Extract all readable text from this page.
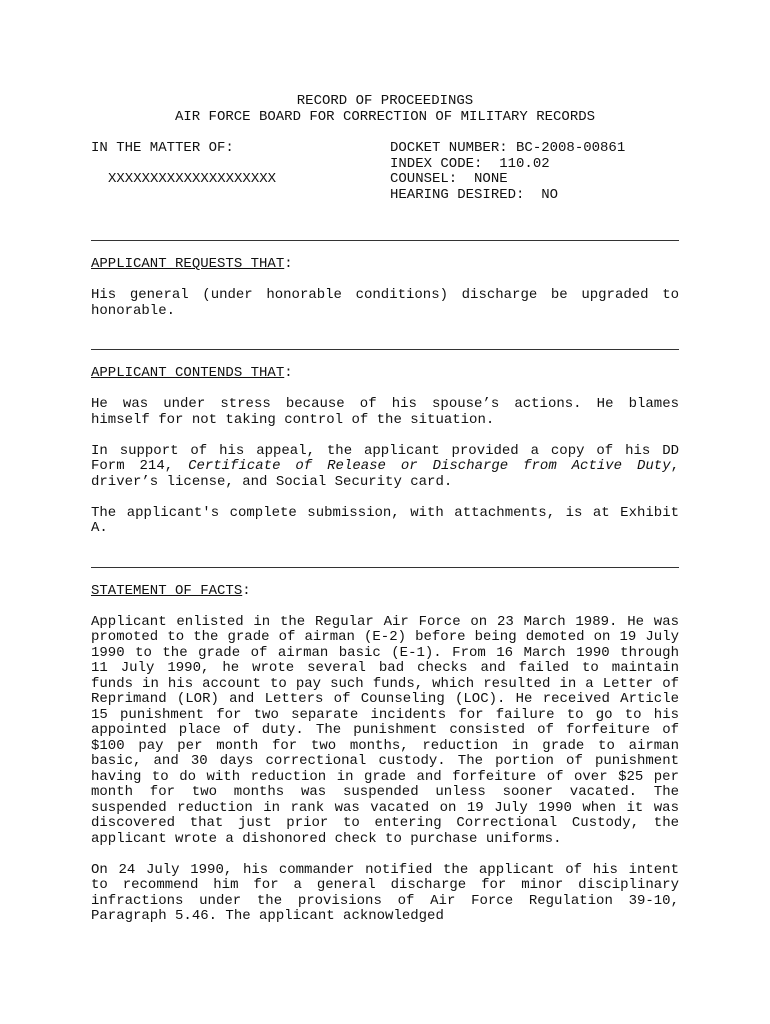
RECORD OF PROCEEDINGS
AIR FORCE BOARD FOR CORRECTION OF MILITARY RECORDS
IN THE MATTER OF:
XXXXXXXXXXXXXXXXXXXX
DOCKET NUMBER: BC-2008-00861
INDEX CODE:  110.02
COUNSEL:  NONE
HEARING DESIRED:  NO
APPLICANT REQUESTS THAT:

His general (under honorable conditions) discharge be upgraded to honorable.

APPLICANT CONTENDS THAT:

He was under stress because of his spouse’s actions. He blames himself for not taking control of the situation.

In support of his appeal, the applicant provided a copy of his DD Form 214, Certificate of Release or Discharge from Active Duty, driver’s license, and Social Security card.

The applicant's complete submission, with attachments, is at Exhibit A.

STATEMENT OF FACTS:

Applicant enlisted in the Regular Air Force on 23 March 1989. He was promoted to the grade of airman (E-2) before being demoted on 19 July 1990 to the grade of airman basic (E-1). From 16 March 1990 through 11 July 1990, he wrote several bad checks and failed to maintain funds in his account to pay such funds, which resulted in a Letter of Reprimand (LOR) and Letters of Counseling (LOC). He received Article 15 punishment for two separate incidents for failure to go to his appointed place of duty. The punishment consisted of forfeiture of $100 pay per month for two months, reduction in grade to airman basic, and 30 days correctional custody. The portion of punishment having to do with reduction in grade and forfeiture of over $25 per month for two months was suspended unless sooner vacated. The suspended reduction in rank was vacated on 19 July 1990 when it was discovered that just prior to entering Correctional Custody, the applicant wrote a dishonored check to purchase uniforms.

On 24 July 1990, his commander notified the applicant of his intent to recommend him for a general discharge for minor disciplinary infractions under the provisions of Air Force Regulation 39-10, Paragraph 5.46. The applicant acknowledged
